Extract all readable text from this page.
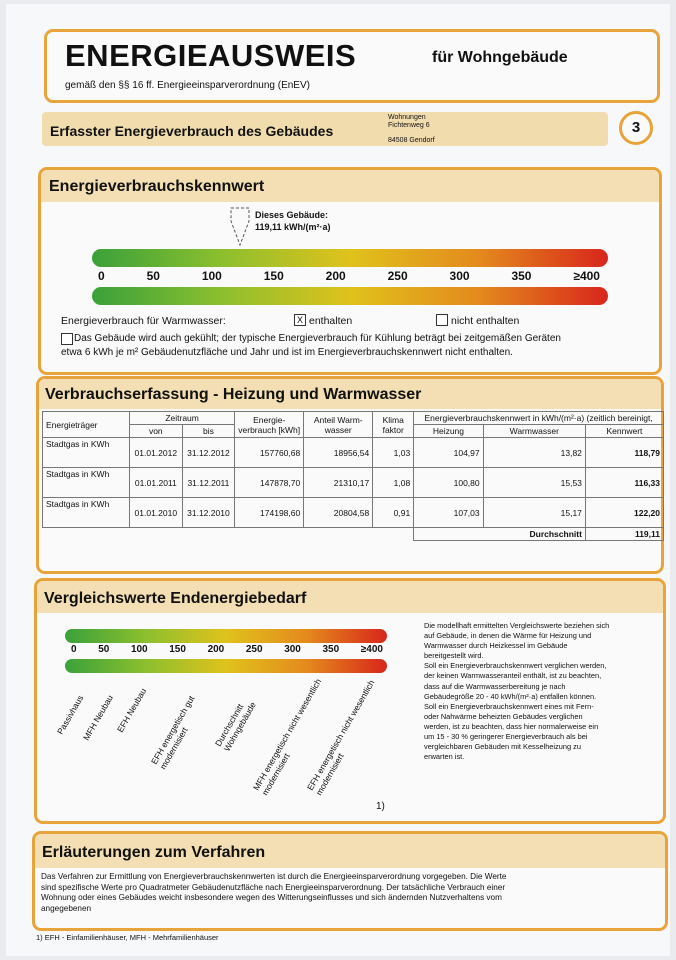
ENERGIEAUSWEIS	für Wohngebäude
gemäß den §§ 16 ff. Energieeinsparverordnung (EnEV)
Erfasster Energieverbrauch des Gebäudes
Wohnungen
Fichtenweg 6
84508 Gendorf
3
Energieverbrauchskennwert
Dieses Gebäude:
119,11 kWh/(m²·a)
0	50	100	150	200	250	300	350	≥400
Energieverbrauch für Warmwasser:	X enthalten	nicht enthalten
Das Gebäude wird auch gekühlt; der typische Energieverbrauch für Kühlung beträgt bei zeitgemäßen Geräten
etwa 6 kWh je m² Gebäudenutzfläche und Jahr und ist im Energieverbrauchskennwert nicht enthalten.
Verbrauchserfassung - Heizung und Warmwasser
Energieträger	Zeitraum		Energie-verbrauch [kWh]	Anteil Warm-wasser	Klima faktor	Energieverbrauchskennwert in kWh/(m²·a) (zeitlich bereinigt,		
	von	bis				Heizung	Warmwasser	Kennwert
Stadtgas in KWh	01.01.2012	31.12.2012	157760,68	18956,54	1,03	104,97	13,82	118,79
Stadtgas in KWh	01.01.2011	31.12.2011	147878,70	21310,17	1,08	100,80	15,53	116,33
Stadtgas in KWh	01.01.2010	31.12.2010	174198,60	20804,58	0,91	107,03	15,17	122,20
						Durchschnitt		119,11
Vergleichswerte Endenergiebedarf
0 50 100 150 200 250 300 350 ≥400
Passivhaus
MFH Neubau EFH Neubau EFH energetisch gut modernisiert
Durchschnitt Wohngebäude
MFH energetisch nicht wesentlich modernisiert	EFH energetisch nicht wesentlich modernisiert
1)
Die modellhaft ermittelten Vergleichswerte beziehen sich
auf Gebäude, in denen die Wärme für Heizung und
Warmwasser durch Heizkessel im Gebäude
bereitgestellt wird.
Soll ein Energieverbrauchskennwert verglichen werden,
der keinen Warmwasseranteil enthält, ist zu beachten,
dass auf die Warmwasserbereitung je nach
Gebäudegröße 20 - 40 kWh/(m²·a) entfallen können.
Soll ein Energieverbrauchskennwert eines mit Fern-
oder Nahwärme beheizten Gebäudes verglichen
werden, ist zu beachten, dass hier normalerweise ein
um 15 - 30 % geringerer Energieverbrauch als bei
vergleichbaren Gebäuden mit Kesselheizung zu
erwarten ist.
Erläuterungen zum Verfahren
Das Verfahren zur Ermittlung von Energieverbrauchskennwerten ist durch die Energieeinsparverordnung vorgegeben. Die Werte
sind spezifische Werte pro Quadratmeter Gebäudenutzfläche nach Energieeinsparverordnung. Der tatsächliche Verbrauch einer
Wohnung oder eines Gebäudes weicht insbesondere wegen des Witterungseinflusses und sich ändernden Nutzverhaltens vom
angegebenen
1) EFH - Einfamilienhäuser, MFH - Mehrfamilienhäuser
